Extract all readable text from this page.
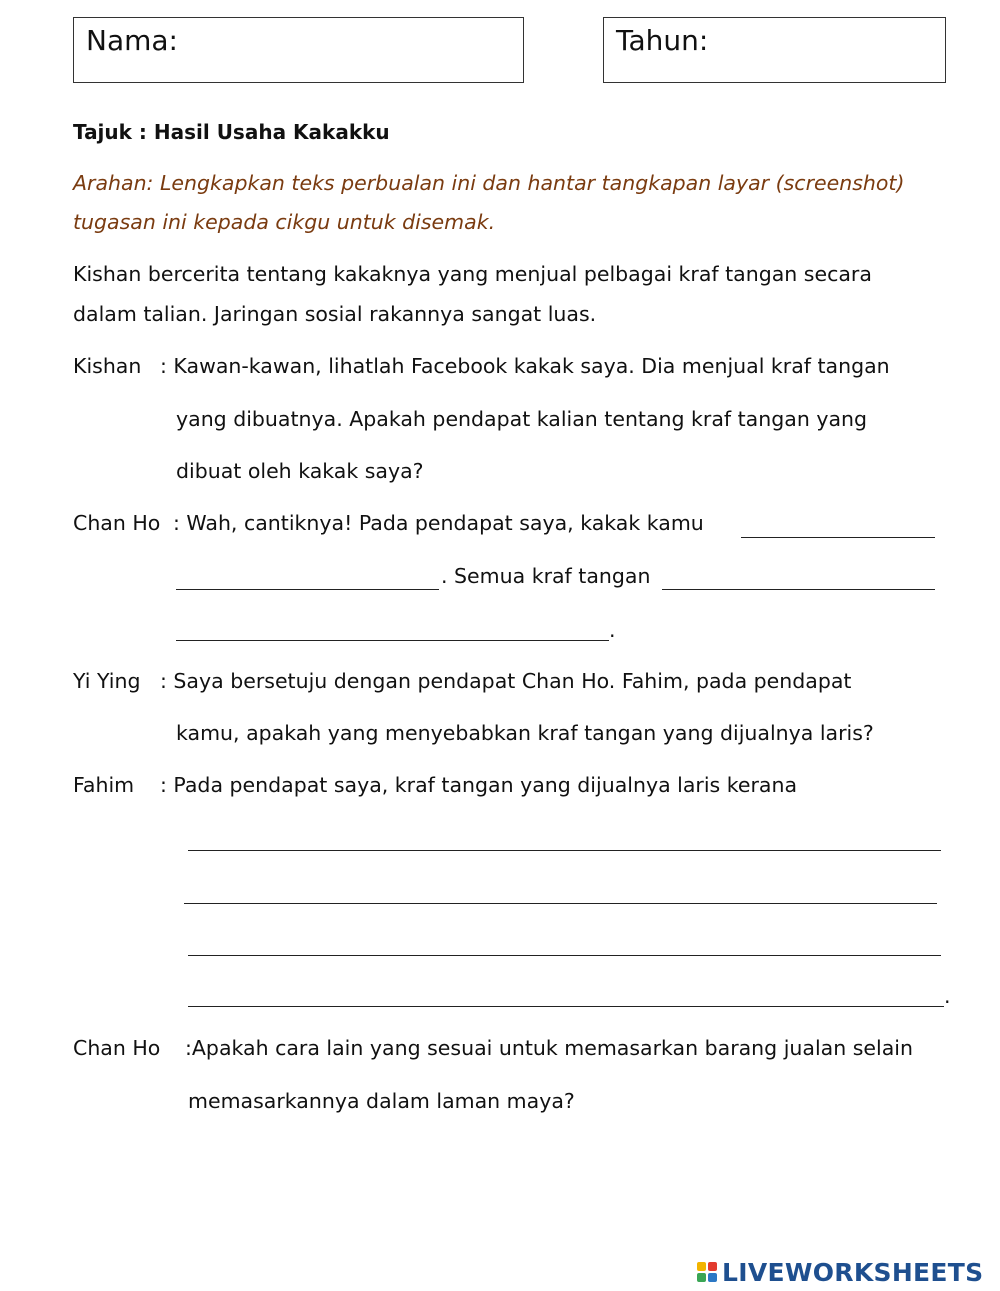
Nama:	Tahun:
Tajuk : Hasil Usaha Kakakku
Arahan: Lengkapkan teks perbualan ini dan hantar tangkapan layar (screenshot)
tugasan ini kepada cikgu untuk disemak.
Kishan bercerita tentang kakaknya yang menjual pelbagai kraf tangan secara
dalam talian. Jaringan sosial rakannya sangat luas.
Kishan : Kawan-kawan, lihatlah Facebook kakak saya. Dia menjual kraf tangan
yang dibuatnya. Apakah pendapat kalian tentang kraf tangan yang
dibuat oleh kakak saya?
Chan Ho : Wah, cantiknya! Pada pendapat saya, kakak kamu
. Semua kraf tangan
.
Yi Ying : Saya bersetuju dengan pendapat Chan Ho. Fahim, pada pendapat
kamu, apakah yang menyebabkan kraf tangan yang dijualnya laris?
Fahim : Pada pendapat saya, kraf tangan yang dijualnya laris kerana
.
Chan Ho :Apakah cara lain yang sesuai untuk memasarkan barang jualan selain
memasarkannya dalam laman maya?
LIVEWORKSHEETS
